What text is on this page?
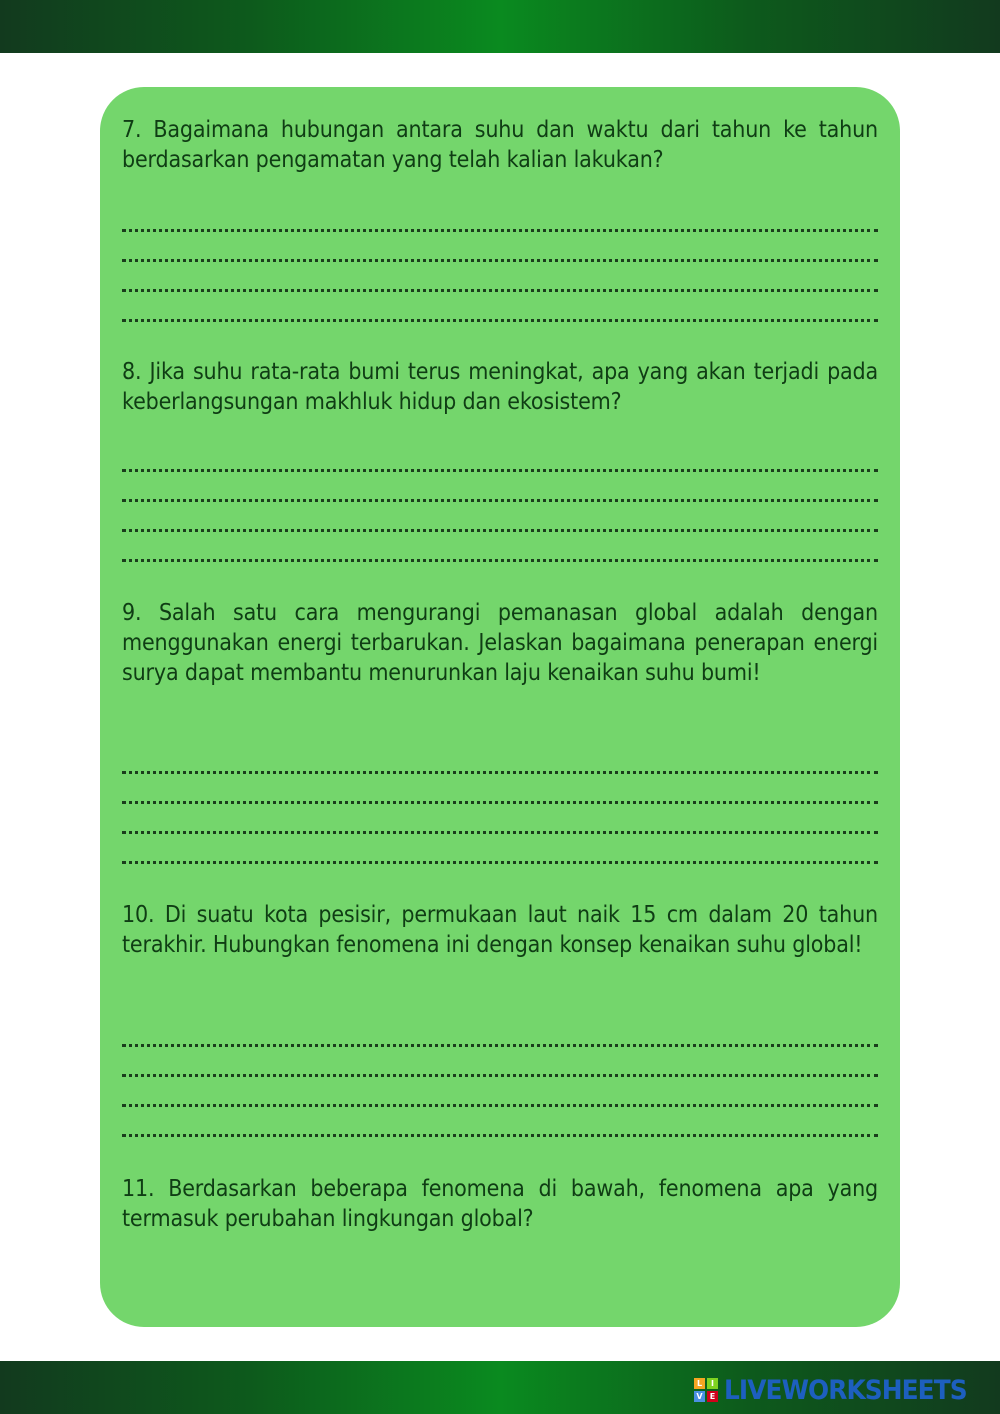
7. Bagaimana hubungan antara suhu dan waktu dari tahun ke tahun berdasarkan pengamatan yang telah kalian lakukan?

8. Jika suhu rata-rata bumi terus meningkat, apa yang akan terjadi pada keberlangsungan makhluk hidup dan ekosistem?

9. Salah satu cara mengurangi pemanasan global adalah dengan menggunakan energi terbarukan. Jelaskan bagaimana penerapan energi surya dapat membantu menurunkan laju kenaikan suhu bumi!

10. Di suatu kota pesisir, permukaan laut naik 15 cm dalam 20 tahun terakhir. Hubungkan fenomena ini dengan konsep kenaikan suhu global!

11. Berdasarkan beberapa fenomena di bawah, fenomena apa yang termasuk perubahan lingkungan global?

L	I
V E LIVEWORKSHEETS
